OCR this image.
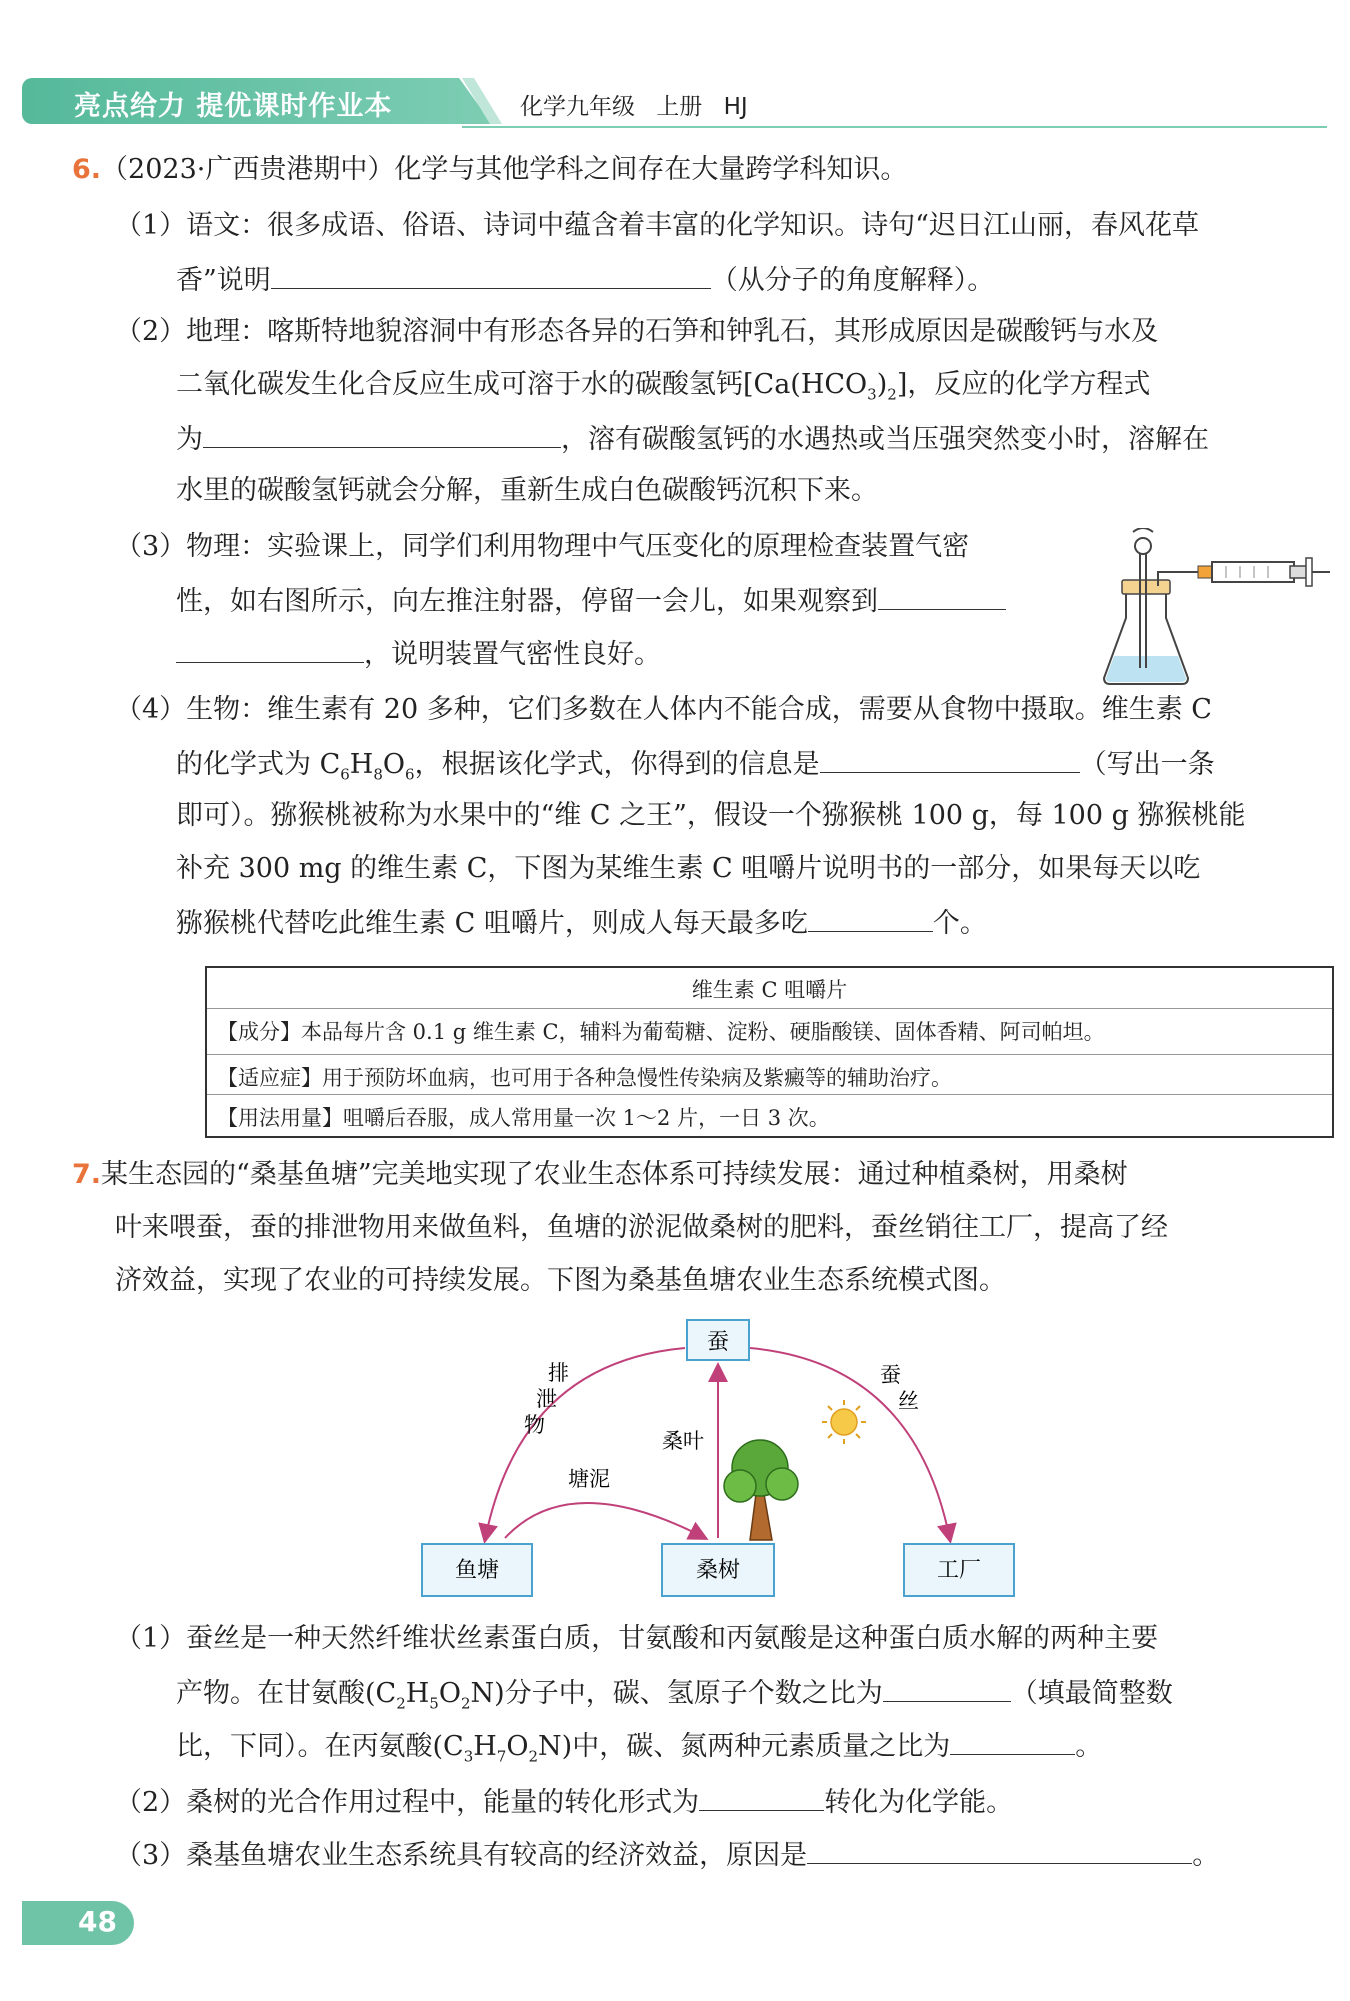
亮点给力 提优课时作业本	化学九年级 上册 HJ
6.（2023·广西贵港期中）化学与其他学科之间存在大量跨学科知识。
（1）语文：很多成语、俗语、诗词中蕴含着丰富的化学知识。诗句“迟日江山丽，春风花草
香”说明	（从分子的角度解释）。
（2）地理：喀斯特地貌溶洞中有形态各异的石笋和钟乳石，其形成原因是碳酸钙与水及
二氧化碳发生化合反应生成可溶于水的碳酸氢钙$[Ca(HCO_3)_2]$，反应的化学方程式
为	，溶有碳酸氢钙的水遇热或当压强突然变小时，溶解在
水里的碳酸氢钙就会分解，重新生成白色碳酸钙沉积下来。
（3）物理：实验课上，同学们利用物理中气压变化的原理检查装置气密
性，如右图所示，向左推注射器，停留一会儿，如果观察到
，说明装置气密性良好。
（4）生物：维生素有 20 多种，它们多数在人体内不能合成，需要从食物中摄取。维生素 C
的化学式为 $C_6H_8O_6$，根据该化学式，你得到的信息是	（写出一条
即可）。猕猴桃被称为水果中的“维 C 之王”，假设一个猕猴桃 100 g，每 100 g 猕猴桃能
补充 300 mg 的维生素 C，下图为某维生素 C 咀嚼片说明书的一部分，如果每天以吃
猕猴桃代替吃此维生素 C 咀嚼片，则成人每天最多吃	个。
维生素 C 咀嚼片
【成分】本品每片含 0.1 g 维生素 C，辅料为葡萄糖、淀粉、硬脂酸镁、固体香精、阿司帕坦。
【适应症】用于预防坏血病，也可用于各种急慢性传染病及紫癜等的辅助治疗。
【用法用量】咀嚼后吞服，成人常用量一次 1～2 片，一日 3 次。
7.某生态园的“桑基鱼塘”完美地实现了农业生态体系可持续发展：通过种植桑树，用桑树
叶来喂蚕，蚕的排泄物用来做鱼料，鱼塘的淤泥做桑树的肥料，蚕丝销往工厂，提高了经
济效益，实现了农业的可持续发展。下图为桑基鱼塘农业生态系统模式图。
蚕
鱼塘	桑树	工厂
排
泄
物
蚕
丝
桑叶
塘泥
（1）蚕丝是一种天然纤维状丝素蛋白质，甘氨酸和丙氨酸是这种蛋白质水解的两种主要
产物。在甘氨酸$(C_2H_5O_2N)$分子中，碳、氢原子个数之比为	（填最简整数
比，下同）。在丙氨酸$(C_3H_7O_2N)$中，碳、氮两种元素质量之比为	。
（2）桑树的光合作用过程中，能量的转化形式为	转化为化学能。
（3）桑基鱼塘农业生态系统具有较高的经济效益，原因是	。
48
